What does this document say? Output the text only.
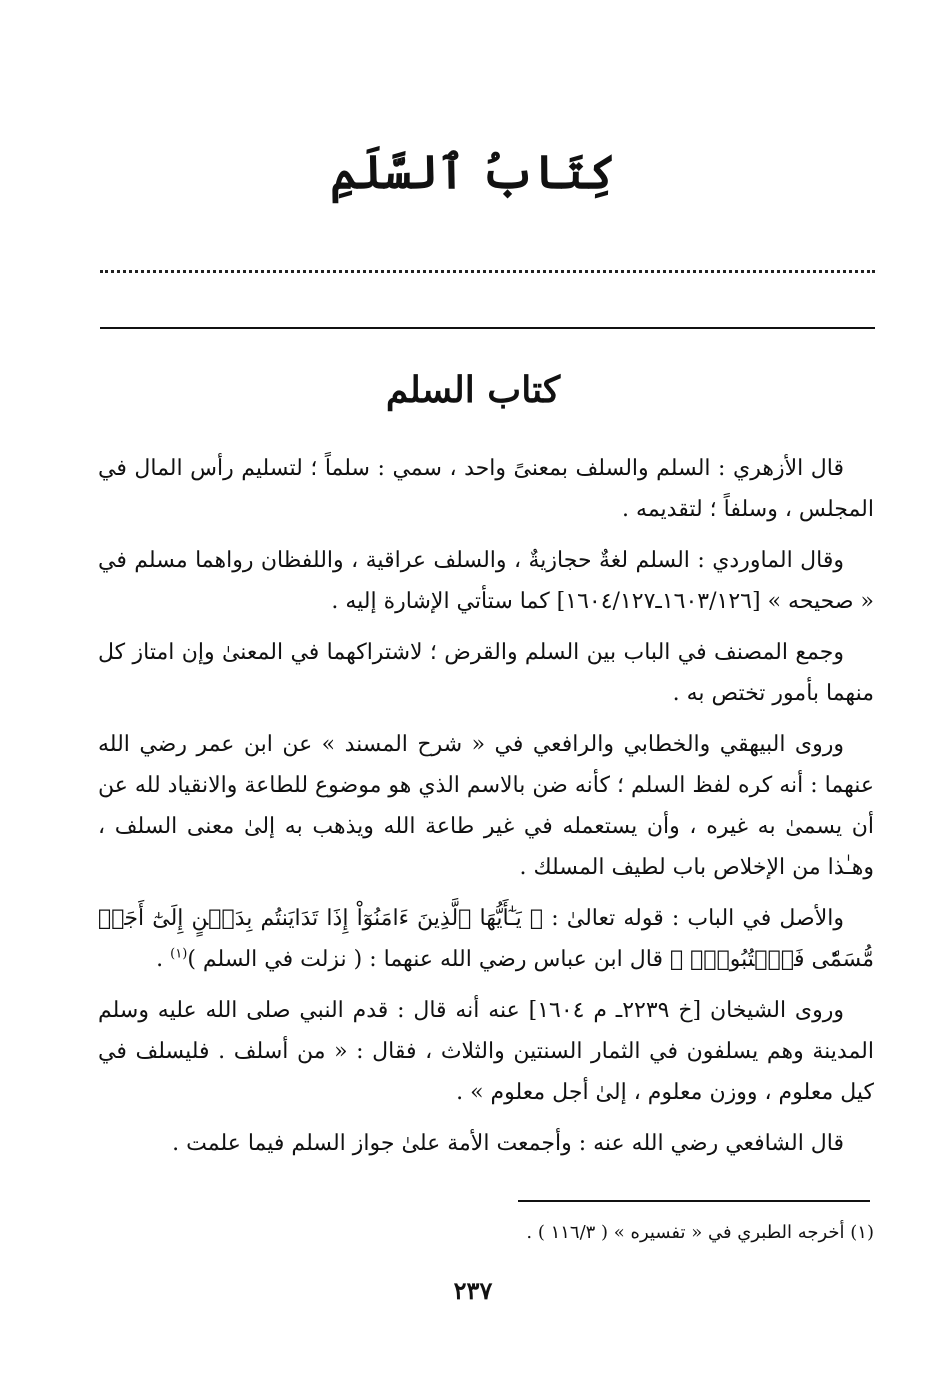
كِتَابُ ٱلسَّلَمِ
كتاب السلم

قال الأزهري : السلم والسلف بمعنىً واحد ، سمي : سلماً ؛ لتسليم رأس المال في المجلس ، وسلفاً ؛ لتقديمه .

وقال الماوردي : السلم لغةٌ حجازيةٌ ، والسلف عراقية ، واللفظان رواهما مسلم في « صحيحه » [١٦٠٣/١٢٦ـ١٦٠٤/١٢٧] كما ستأتي الإشارة إليه .

وجمع المصنف في الباب بين السلم والقرض ؛ لاشتراكهما في المعنىٰ وإن امتاز كل منهما بأمور تختص به .

وروى البيهقي والخطابي والرافعي في « شرح المسند » عن ابن عمر رضي الله عنهما : أنه كره لفظ السلم ؛ كأنه ضن بالاسم الذي هو موضوع للطاعة والانقياد لله عن أن يسمىٰ به غيره ، وأن يستعمله في غير طاعة الله ويذهب به إلىٰ معنى السلف ، وهـٰذا من الإخلاص باب لطيف المسلك .

والأصل في الباب : قوله تعالىٰ : ﴿ يَـٰٓأَيُّهَا ٱلَّذِينَ ءَامَنُوٓاْ إِذَا تَدَايَنتُم بِدَيۡنٍ إِلَىٰٓ أَجَلٖ مُّسَمّٗى فَٱكۡتُبُوهُۚ ﴾ قال ابن عباس رضي الله عنهما : ( نزلت في السلم )$^{(١)}$ .

وروى الشيخان [خ ٢٢٣٩ـ م ١٦٠٤] عنه أنه قال : قدم النبي صلى الله عليه وسلم المدينة وهم يسلفون في الثمار السنتين والثلاث ، فقال : « من أسلف . فليسلف في كيل معلوم ، ووزن معلوم ، إلىٰ أجل معلوم » .

قال الشافعي رضي الله عنه : وأجمعت الأمة علىٰ جواز السلم فيما علمت .

(١) أخرجه الطبري في « تفسيره » ( ١١٦/٣ ) .
٢٣٧
